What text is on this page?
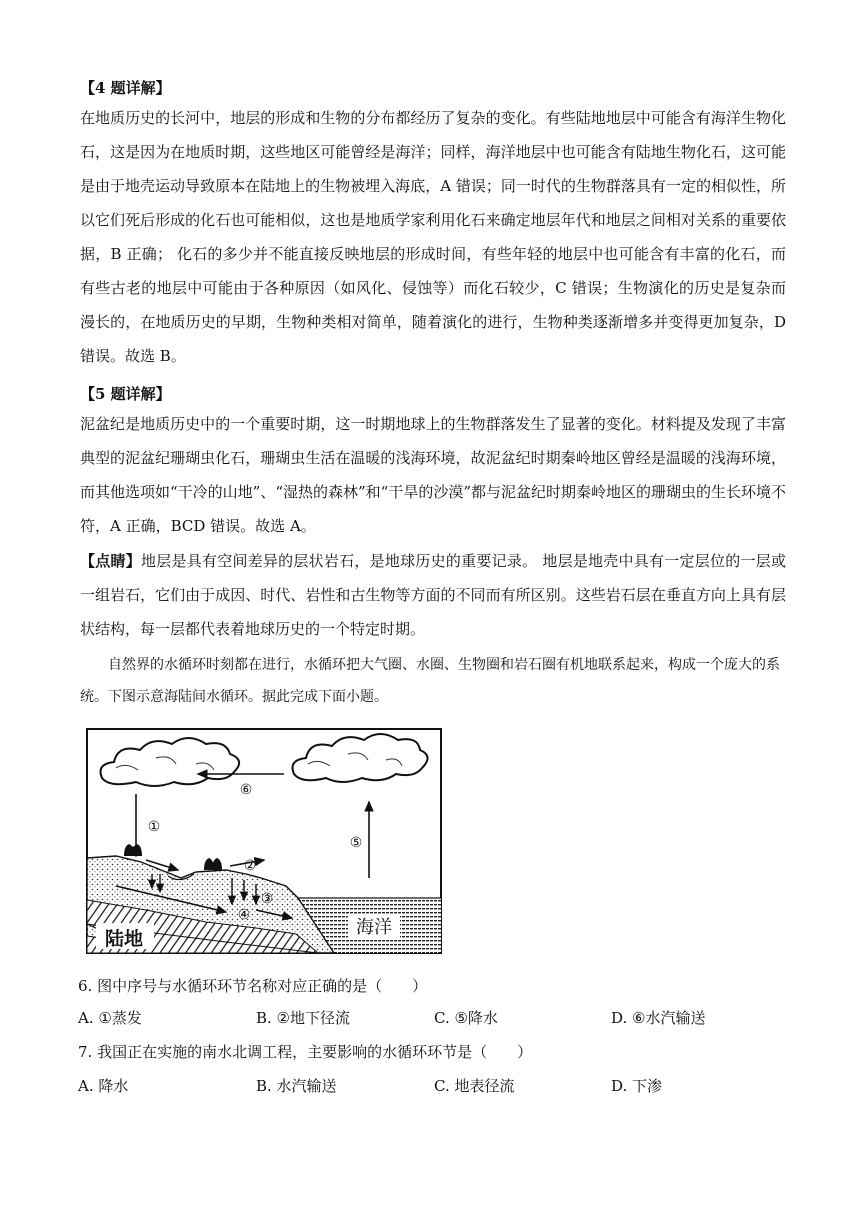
【4 题详解】
在地质历史的长河中，地层的形成和生物的分布都经历了复杂的变化。有些陆地地层中可能含有海洋生物化石，这是因为在地质时期，这些地区可能曾经是海洋；同样，海洋地层中也可能含有陆地生物化石，这可能是由于地壳运动导致原本在陆地上的生物被埋入海底，A 错误；同一时代的生物群落具有一定的相似性，所以它们死后形成的化石也可能相似，这也是地质学家利用化石来确定地层年代和地层之间相对关系的重要依据，B 正确； 化石的多少并不能直接反映地层的形成时间，有些年轻的地层中也可能含有丰富的化石，而有些古老的地层中可能由于各种原因（如风化、侵蚀等）而化石较少，C 错误；生物演化的历史是复杂而漫长的，在地质历史的早期，生物种类相对简单，随着演化的进行，生物种类逐渐增多并变得更加复杂，D 错误。故选 B。
【5 题详解】
泥盆纪是地质历史中的一个重要时期，这一时期地球上的生物群落发生了显著的变化。材料提及发现了丰富典型的泥盆纪珊瑚虫化石，珊瑚虫生活在温暖的浅海环境，故泥盆纪时期秦岭地区曾经是温暖的浅海环境，而其他选项如“干冷的山地”、“湿热的森林”和“干旱的沙漠”都与泥盆纪时期秦岭地区的珊瑚虫的生长环境不符，A 正确，BCD 错误。故选 A。
【点睛】地层是具有空间差异的层状岩石，是地球历史的重要记录。 地层是地壳中具有一定层位的一层或一组岩石，它们由于成因、时代、岩性和古生物等方面的不同而有所区别。这些岩石层在垂直方向上具有层状结构，每一层都代表着地球历史的一个特定时期。
自然界的水循环时刻都在进行，水循环把大气圈、水圈、生物圈和岩石圈有机地联系起来，构成一个庞大的系统。下图示意海陆间水循环。据此完成下面小题。
⑥
①
⑤
②
③
④
陆地
海洋
6. 图中序号与水循环环节名称对应正确的是（　　）
A. ①蒸发	B. ②地下径流	C. ⑤降水	D. ⑥水汽输送
7. 我国正在实施的南水北调工程，主要影响的水循环环节是（　　）
A. 降水	B. 水汽输送	C. 地表径流	D. 下渗
